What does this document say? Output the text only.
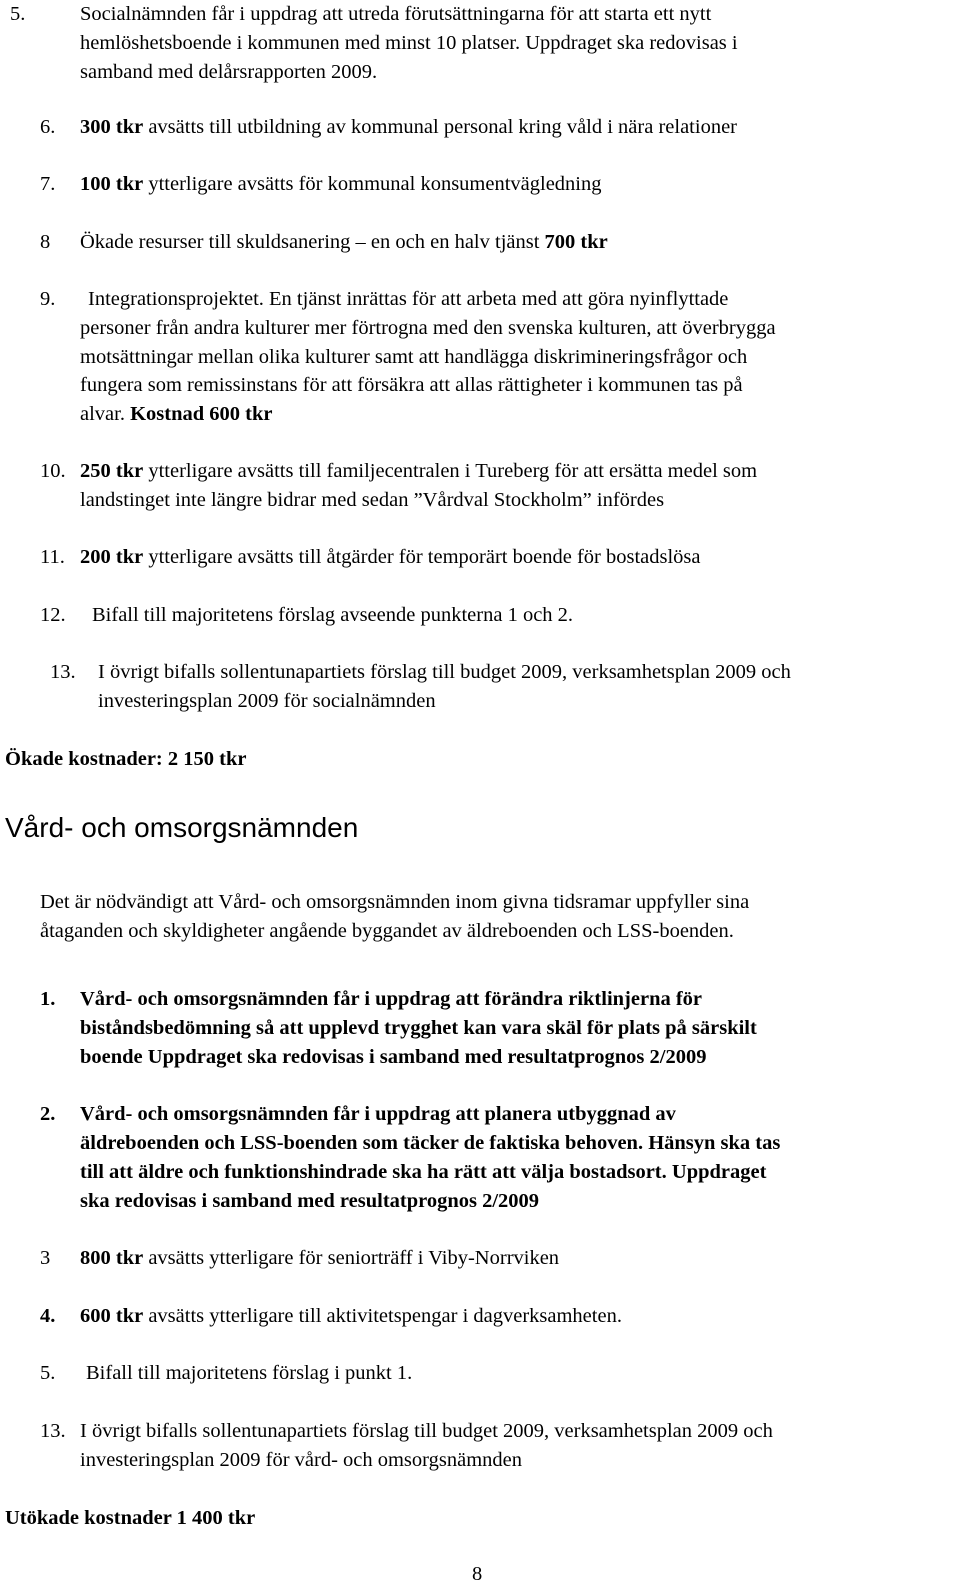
5.	Socialnämnden får i uppdrag att utreda förutsättningarna för att starta ett nytt
hemlöshetsboende i kommunen med minst 10 platser. Uppdraget ska redovisas i
samband med delårsrapporten 2009.
6. 300 tkr avsätts till utbildning av kommunal personal kring våld i nära relationer
7. 100 tkr ytterligare avsätts för kommunal konsumentvägledning
8 Ökade resurser till skuldsanering – en och en halv tjänst 700 tkr
9. Integrationsprojektet. En tjänst inrättas för att arbeta med att göra nyinflyttade
personer från andra kulturer mer förtrogna med den svenska kulturen, att överbrygga
motsättningar mellan olika kulturer samt att handlägga diskrimineringsfrågor och
fungera som remissinstans för att försäkra att allas rättigheter i kommunen tas på
alvar. Kostnad 600 tkr
10. 250 tkr ytterligare avsätts till familjecentralen i Tureberg för att ersätta medel som
landstinget inte längre bidrar med sedan ”Vårdval Stockholm” infördes
11. 200 tkr ytterligare avsätts till åtgärder för temporärt boende för bostadslösa
12. Bifall till majoritetens förslag avseende punkterna 1 och 2.
13. I övrigt bifalls sollentunapartiets förslag till budget 2009, verksamhetsplan 2009 och
investeringsplan 2009 för socialnämnden
Ökade kostnader: 2 150 tkr
Vård- och omsorgsnämnden
Det är nödvändigt att Vård- och omsorgsnämnden inom givna tidsramar uppfyller sina
åtaganden och skyldigheter angående byggandet av äldreboenden och LSS-boenden.
1. Vård- och omsorgsnämnden får i uppdrag att förändra riktlinjerna för
biståndsbedömning så att upplevd trygghet kan vara skäl för plats på särskilt
boende Uppdraget ska redovisas i samband med resultatprognos 2/2009
2. Vård- och omsorgsnämnden får i uppdrag att planera utbyggnad av
äldreboenden och LSS-boenden som täcker de faktiska behoven. Hänsyn ska tas
till att äldre och funktionshindrade ska ha rätt att välja bostadsort. Uppdraget
ska redovisas i samband med resultatprognos 2/2009
3 800 tkr avsätts ytterligare för seniorträff i Viby-Norrviken
4. 600 tkr avsätts ytterligare till aktivitetspengar i dagverksamheten.
5. Bifall till majoritetens förslag i punkt 1.
13. I övrigt bifalls sollentunapartiets förslag till budget 2009, verksamhetsplan 2009 och
investeringsplan 2009 för vård- och omsorgsnämnden
Utökade kostnader 1 400 tkr
8
